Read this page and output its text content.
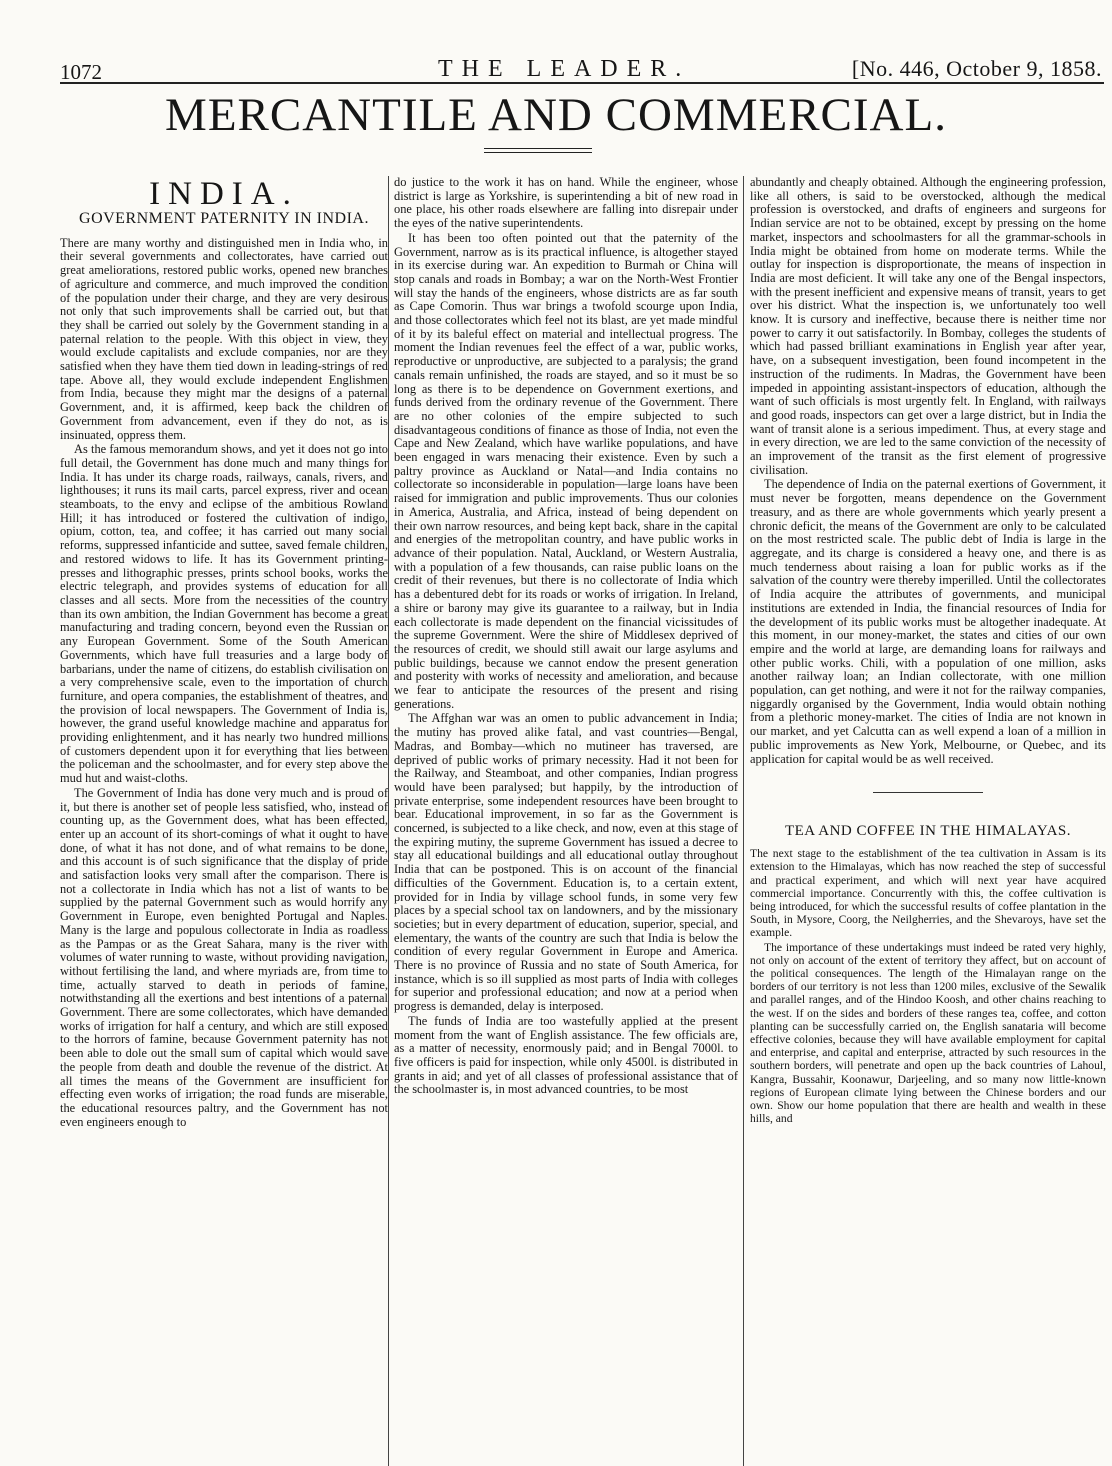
1072	THE LEADER.	[No. 446, October 9, 1858.
MERCANTILE AND COMMERCIAL.
INDIA.
GOVERNMENT PATERNITY IN INDIA.

There are many worthy and distinguished men in India who, in their several governments and collectorates, have carried out great ameliorations, restored public works, opened new branches of agriculture and commerce, and much improved the condition of the population under their charge, and they are very desirous not only that such improvements shall be carried out, but that they shall be carried out solely by the Government standing in a paternal relation to the people. With this object in view, they would exclude capitalists and exclude companies, nor are they satisfied when they have them tied down in leading-strings of red tape. Above all, they would exclude independent Englishmen from India, because they might mar the designs of a paternal Government, and, it is affirmed, keep back the children of Government from advancement, even if they do not, as is insinuated, oppress them.

As the famous memorandum shows, and yet it does not go into full detail, the Government has done much and many things for India. It has under its charge roads, railways, canals, rivers, and lighthouses; it runs its mail carts, parcel express, river and ocean steamboats, to the envy and eclipse of the ambitious Rowland Hill; it has introduced or fostered the cultivation of indigo, opium, cotton, tea, and coffee; it has carried out many social reforms, suppressed infanticide and suttee, saved female children, and restored widows to life. It has its Government printing-presses and lithographic presses, prints school books, works the electric telegraph, and provides systems of education for all classes and all sects. More from the necessities of the country than its own ambition, the Indian Government has become a great manufacturing and trading concern, beyond even the Russian or any European Government. Some of the South American Governments, which have full treasuries and a large body of barbarians, under the name of citizens, do establish civilisation on a very comprehensive scale, even to the importation of church furniture, and opera companies, the establishment of theatres, and the provision of local newspapers. The Government of India is, however, the grand useful knowledge machine and apparatus for providing enlightenment, and it has nearly two hundred millions of customers dependent upon it for everything that lies between the policeman and the schoolmaster, and for every step above the mud hut and waist-cloths.

The Government of India has done very much and is proud of it, but there is another set of people less satisfied, who, instead of counting up, as the Government does, what has been effected, enter up an account of its short-comings of what it ought to have done, of what it has not done, and of what remains to be done, and this account is of such significance that the display of pride and satisfaction looks very small after the comparison. There is not a collectorate in India which has not a list of wants to be supplied by the paternal Government such as would horrify any Government in Europe, even benighted Portugal and Naples. Many is the large and populous collectorate in India as roadless as the Pampas or as the Great Sahara, many is the river with volumes of water running to waste, without providing navigation, without fertilising the land, and where myriads are, from time to time, actually starved to death in periods of famine, notwithstanding all the exertions and best intentions of a paternal Government. There are some collectorates, which have demanded works of irrigation for half a century, and which are still exposed to the horrors of famine, because Government paternity has not been able to dole out the small sum of capital which would save the people from death and double the revenue of the district. At all times the means of the Government are insufficient for effecting even works of irrigation; the road funds are miserable, the educational resources paltry, and the Government has not even engineers enough to

do justice to the work it has on hand. While the engineer, whose district is large as Yorkshire, is superintending a bit of new road in one place, his other roads elsewhere are falling into disrepair under the eyes of the native superintendents.

It has been too often pointed out that the paternity of the Government, narrow as is its practical influence, is altogether stayed in its exercise during war. An expedition to Burmah or China will stop canals and roads in Bombay; a war on the North-West Frontier will stay the hands of the engineers, whose districts are as far south as Cape Comorin. Thus war brings a twofold scourge upon India, and those collectorates which feel not its blast, are yet made mindful of it by its baleful effect on material and intellectual progress. The moment the Indian revenues feel the effect of a war, public works, reproductive or unproductive, are subjected to a paralysis; the grand canals remain unfinished, the roads are stayed, and so it must be so long as there is to be dependence on Government exertions, and funds derived from the ordinary revenue of the Government. There are no other colonies of the empire subjected to such disadvantageous conditions of finance as those of India, not even the Cape and New Zealand, which have warlike populations, and have been engaged in wars menacing their existence. Even by such a paltry province as Auckland or Natal—and India contains no collectorate so inconsiderable in population—large loans have been raised for immigration and public improvements. Thus our colonies in America, Australia, and Africa, instead of being dependent on their own narrow resources, and being kept back, share in the capital and energies of the metropolitan country, and have public works in advance of their population. Natal, Auckland, or Western Australia, with a population of a few thousands, can raise public loans on the credit of their revenues, but there is no collectorate of India which has a debentured debt for its roads or works of irrigation. In Ireland, a shire or barony may give its guarantee to a railway, but in India each collectorate is made dependent on the financial vicissitudes of the supreme Government. Were the shire of Middlesex deprived of the resources of credit, we should still await our large asylums and public buildings, because we cannot endow the present generation and posterity with works of necessity and amelioration, and because we fear to anticipate the resources of the present and rising generations.

The Affghan war was an omen to public advancement in India; the mutiny has proved alike fatal, and vast countries—Bengal, Madras, and Bombay—which no mutineer has traversed, are deprived of public works of primary necessity. Had it not been for the Railway, and Steamboat, and other companies, Indian progress would have been paralysed; but happily, by the introduction of private enterprise, some independent resources have been brought to bear. Educational improvement, in so far as the Government is concerned, is subjected to a like check, and now, even at this stage of the expiring mutiny, the supreme Government has issued a decree to stay all educational buildings and all educational outlay throughout India that can be postponed. This is on account of the financial difficulties of the Government. Education is, to a certain extent, provided for in India by village school funds, in some very few places by a special school tax on landowners, and by the missionary societies; but in every department of education, superior, special, and elementary, the wants of the country are such that India is below the condition of every regular Government in Europe and America. There is no province of Russia and no state of South America, for instance, which is so ill supplied as most parts of India with colleges for superior and professional education; and now at a period when progress is demanded, delay is interposed.

The funds of India are too wastefully applied at the present moment from the want of English assistance. The few officials are, as a matter of necessity, enormously paid; and in Bengal 7000l. to five officers is paid for inspection, while only 4500l. is distributed in grants in aid; and yet of all classes of professional assistance that of the schoolmaster is, in most advanced countries, to be most

abundantly and cheaply obtained. Although the engineering profession, like all others, is said to be overstocked, although the medical profession is overstocked, and drafts of engineers and surgeons for Indian service are not to be obtained, except by pressing on the home market, inspectors and schoolmasters for all the grammar-schools in India might be obtained from home on moderate terms. While the outlay for inspection is disproportionate, the means of inspection in India are most deficient. It will take any one of the Bengal inspectors, with the present inefficient and expensive means of transit, years to get over his district. What the inspection is, we unfortunately too well know. It is cursory and ineffective, because there is neither time nor power to carry it out satisfactorily. In Bombay, colleges the students of which had passed brilliant examinations in English year after year, have, on a subsequent investigation, been found incompetent in the instruction of the rudiments. In Madras, the Government have been impeded in appointing assistant-inspectors of education, although the want of such officials is most urgently felt. In England, with railways and good roads, inspectors can get over a large district, but in India the want of transit alone is a serious impediment. Thus, at every stage and in every direction, we are led to the same conviction of the necessity of an improvement of the transit as the first element of progressive civilisation.

The dependence of India on the paternal exertions of Government, it must never be forgotten, means dependence on the Government treasury, and as there are whole governments which yearly present a chronic deficit, the means of the Government are only to be calculated on the most restricted scale. The public debt of India is large in the aggregate, and its charge is considered a heavy one, and there is as much tenderness about raising a loan for public works as if the salvation of the country were thereby imperilled. Until the collectorates of India acquire the attributes of governments, and municipal institutions are extended in India, the financial resources of India for the development of its public works must be altogether inadequate. At this moment, in our money-market, the states and cities of our own empire and the world at large, are demanding loans for railways and other public works. Chili, with a population of one million, asks another railway loan; an Indian collectorate, with one million population, can get nothing, and were it not for the railway companies, niggardly organised by the Government, India would obtain nothing from a plethoric money-market. The cities of India are not known in our market, and yet Calcutta can as well expend a loan of a million in public improvements as New York, Melbourne, or Quebec, and its application for capital would be as well received.

TEA AND COFFEE IN THE HIMALAYAS.

The next stage to the establishment of the tea cultivation in Assam is its extension to the Himalayas, which has now reached the step of successful and practical experiment, and which will next year have acquired commercial importance. Concurrently with this, the coffee cultivation is being introduced, for which the successful results of coffee plantation in the South, in Mysore, Coorg, the Neilgherries, and the Shevaroys, have set the example.

The importance of these undertakings must indeed be rated very highly, not only on account of the extent of territory they affect, but on account of the political consequences. The length of the Himalayan range on the borders of our territory is not less than 1200 miles, exclusive of the Sewalik and parallel ranges, and of the Hindoo Koosh, and other chains reaching to the west. If on the sides and borders of these ranges tea, coffee, and cotton planting can be successfully carried on, the English sanataria will become effective colonies, because they will have available employment for capital and enterprise, and capital and enterprise, attracted by such resources in the southern borders, will penetrate and open up the back countries of Lahoul, Kangra, Bussahir, Koonawur, Darjeeling, and so many now little-known regions of European climate lying between the Chinese borders and our own. Show our home population that there are health and wealth in these hills, and
